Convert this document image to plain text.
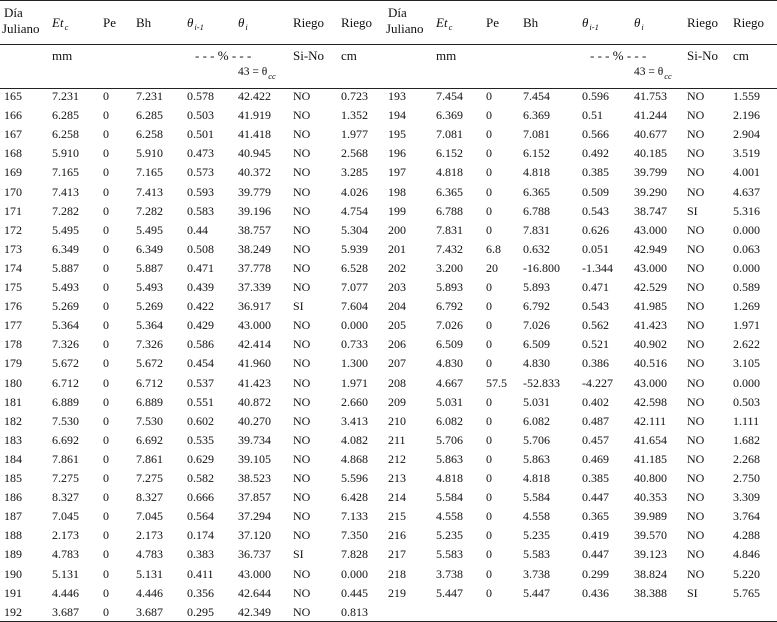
Día
Juliano $Et_c$	Pe Bh	$\theta_{i-1}$	$\theta_i$	Riego Riego
mm	- - - % - - -
$43 = \theta_{cc}$
Si-No cm
Día
Juliano $Et_c$	Pe Bh	$\theta_{i-1}$	$\theta_i$	Riego Riego
mm	- - - % - - -
$43 = \theta_{cc}$
Si-No cm
165	7.231 0 7.231 0.578 42.422 NO	0.723
166	6.285 0 6.285 0.503 41.919 NO	1.352
167	6.258 0 6.258 0.501 41.418 NO	1.977
168	5.910 0 5.910 0.473 40.945 NO	2.568
169	7.165 0 7.165 0.573 40.372 NO	3.285
170	7.413 0 7.413 0.593 39.779 NO	4.026
171	7.282 0 7.282 0.583 39.196 NO	4.754
172	5.495 0 5.495 0.44	38.757 NO	5.304
173	6.349 0 6.349 0.508 38.249 NO	5.939
174	5.887 0 5.887 0.471 37.778 NO	6.528
175	5.493 0 5.493 0.439 37.339 NO	7.077
176	5.269 0 5.269 0.422 36.917 SI	7.604
177	5.364 0 5.364 0.429 43.000 NO	0.000
178	7.326 0 7.326 0.586 42.414 NO	0.733
179	5.672 0 5.672 0.454 41.960 NO	1.300
180	6.712 0 6.712 0.537 41.423 NO	1.971
181	6.889 0 6.889 0.551 40.872 NO	2.660
182	7.530 0 7.530 0.602 40.270 NO	3.413
183	6.692 0 6.692 0.535 39.734 NO	4.082
184	7.861 0 7.861 0.629 39.105 NO	4.868
185	7.275 0 7.275 0.582 38.523 NO	5.596
186	8.327 0 8.327 0.666 37.857 NO	6.428
187	7.045 0 7.045 0.564 37.294 NO	7.133
188	2.173 0 2.173 0.174 37.120 NO	7.350
189	4.783 0 4.783 0.383 36.737 SI	7.828
190	5.131 0 5.131 0.411 43.000 NO	0.000
191	4.446 0 4.446 0.356 42.644 NO	0.445
192	3.687 0 3.687 0.295 42.349 NO	0.813
193	7.454 0	7.454	0.596 41.753 NO 1.559
194	6.369 0	6.369	0.51	41.244 NO 2.196
195	7.081 0	7.081	0.566 40.677 NO 2.904
196	6.152 0	6.152	0.492 40.185 NO 3.519
197	4.818 0	4.818	0.385 39.799 NO 4.001
198	6.365 0	6.365	0.509 39.290 NO 4.637
199	6.788 0	6.788	0.543 38.747 SI	5.316
200	7.831 0	7.831	0.626 43.000 NO 0.000
201	7.432 6.8 0.632	0.051 42.949 NO 0.063
202	3.200 20 -16.800 -1.344 43.000 NO 0.000
203	5.893 0	5.893	0.471 42.529 NO 0.589
204	6.792 0	6.792	0.543 41.985 NO 1.269
205	7.026 0	7.026	0.562 41.423 NO 1.971
206	6.509 0	6.509	0.521 40.902 NO 2.622
207	4.830 0	4.830	0.386 40.516 NO 3.105
208	4.667 57.5 -52.833 -4.227 43.000 NO 0.000
209	5.031 0	5.031	0.402 42.598 NO 0.503
210	6.082 0	6.082	0.487 42.111 NO 1.111
211	5.706 0	5.706	0.457 41.654 NO 1.682
212	5.863 0	5.863	0.469 41.185 NO 2.268
213	4.818 0	4.818	0.385 40.800 NO 2.750
214	5.584 0	5.584	0.447 40.353 NO 3.309
215	4.558 0	4.558	0.365 39.989 NO 3.764
216	5.235 0	5.235	0.419 39.570 NO 4.288
217	5.583 0	5.583	0.447 39.123 NO 4.846
218	3.738 0	3.738	0.299 38.824 NO 5.220
219	5.447 0	5.447	0.436 38.388 SI	5.765
